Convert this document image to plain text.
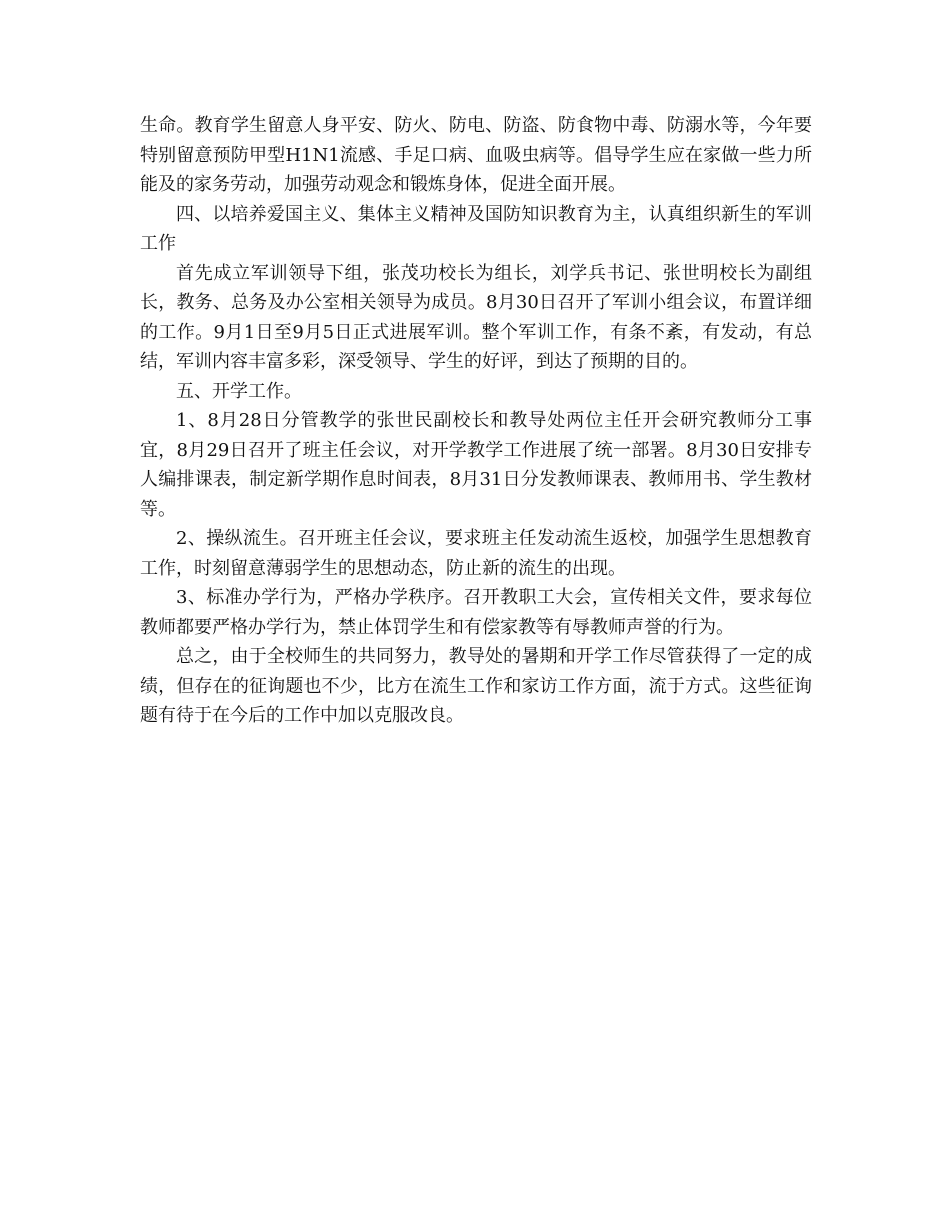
生命。教育学生留意人身平安、防火、防电、防盗、防食物中毒、防溺水等，今年要特别留意预防甲型H1N1流感、手足口病、血吸虫病等。倡导学生应在家做一些力所能及的家务劳动，加强劳动观念和锻炼身体，促进全面开展。

四、以培养爱国主义、集体主义精神及国防知识教育为主，认真组织新生的军训工作

首先成立军训领导下组，张茂功校长为组长，刘学兵书记、张世明校长为副组长，教务、总务及办公室相关领导为成员。8月30日召开了军训小组会议，布置详细的工作。9月1日至9月5日正式进展军训。整个军训工作，有条不紊，有发动，有总结，军训内容丰富多彩，深受领导、学生的好评，到达了预期的目的。

五、开学工作。

1、8月28日分管教学的张世民副校长和教导处两位主任开会研究教师分工事宜，8月29日召开了班主任会议，对开学教学工作进展了统一部署。8月30日安排专人编排课表，制定新学期作息时间表，8月31日分发教师课表、教师用书、学生教材等。

2、操纵流生。召开班主任会议，要求班主任发动流生返校，加强学生思想教育工作，时刻留意薄弱学生的思想动态，防止新的流生的出现。

3、标准办学行为，严格办学秩序。召开教职工大会，宣传相关文件，要求每位教师都要严格办学行为，禁止体罚学生和有偿家教等有辱教师声誉的行为。

总之，由于全校师生的共同努力，教导处的暑期和开学工作尽管获得了一定的成绩，但存在的征询题也不少，比方在流生工作和家访工作方面，流于方式。这些征询题有待于在今后的工作中加以克服改良。
